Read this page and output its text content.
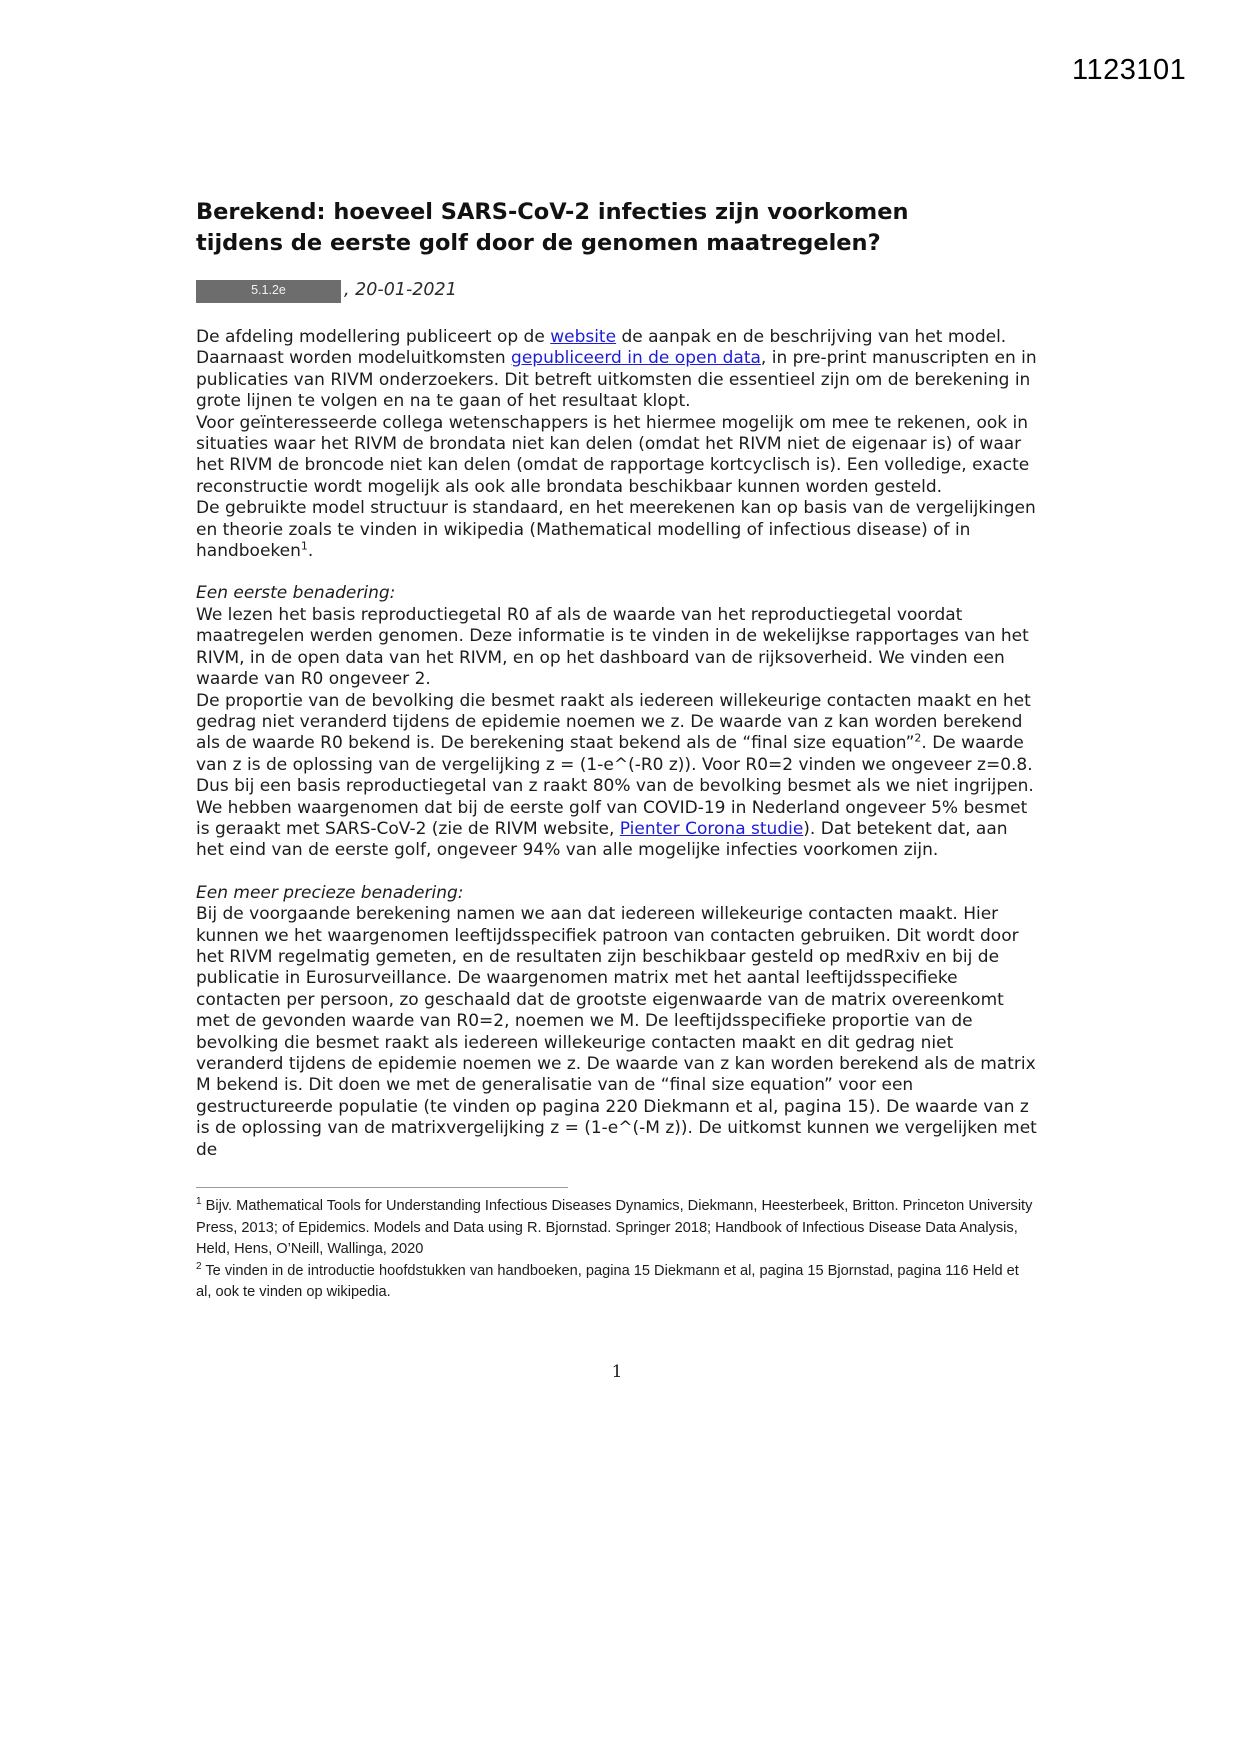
1123101
Berekend: hoeveel SARS-CoV-2 infecties zijn voorkomen tijdens de eerste golf door de genomen maatregelen?
5.1.2e	, 20-01-2021

De afdeling modellering publiceert op de website de aanpak en de beschrijving van het model. Daarnaast worden modeluitkomsten gepubliceerd in de open data, in pre-print manuscripten en in publicaties van RIVM onderzoekers. Dit betreft uitkomsten die essentieel zijn om de berekening in grote lijnen te volgen en na te gaan of het resultaat klopt.

Voor geïnteresseerde collega wetenschappers is het hiermee mogelijk om mee te rekenen, ook in situaties waar het RIVM de brondata niet kan delen (omdat het RIVM niet de eigenaar is) of waar het RIVM de broncode niet kan delen (omdat de rapportage kortcyclisch is). Een volledige, exacte reconstructie wordt mogelijk als ook alle brondata beschikbaar kunnen worden gesteld.

De gebruikte model structuur is standaard, en het meerekenen kan op basis van de vergelijkingen en theorie zoals te vinden in wikipedia (Mathematical modelling of infectious disease) of in handboeken$^1$.

Een eerste benadering:

We lezen het basis reproductiegetal R0 af als de waarde van het reproductiegetal voordat maatregelen werden genomen. Deze informatie is te vinden in de wekelijkse rapportages van het RIVM, in de open data van het RIVM, en op het dashboard van de rijksoverheid. We vinden een waarde van R0 ongeveer 2.

De proportie van de bevolking die besmet raakt als iedereen willekeurige contacten maakt en het gedrag niet veranderd tijdens de epidemie noemen we z. De waarde van z kan worden berekend als de waarde R0 bekend is. De berekening staat bekend als de “final size equation”$^2$. De waarde van z is de oplossing van de vergelijking z = (1-e^(-R0 z)). Voor R0=2 vinden we ongeveer z=0.8. Dus bij een basis reproductiegetal van z raakt 80% van de bevolking besmet als we niet ingrijpen. We hebben waargenomen dat bij de eerste golf van COVID-19 in Nederland ongeveer 5% besmet is geraakt met SARS-CoV-2 (zie de RIVM website, Pienter Corona studie). Dat betekent dat, aan het eind van de eerste golf, ongeveer 94% van alle mogelijke infecties voorkomen zijn.

Een meer precieze benadering:

Bij de voorgaande berekening namen we aan dat iedereen willekeurige contacten maakt. Hier kunnen we het waargenomen leeftijdsspecifiek patroon van contacten gebruiken. Dit wordt door het RIVM regelmatig gemeten, en de resultaten zijn beschikbaar gesteld op medRxiv en bij de publicatie in Eurosurveillance. De waargenomen matrix met het aantal leeftijdsspecifieke contacten per persoon, zo geschaald dat de grootste eigenwaarde van de matrix overeenkomt met de gevonden waarde van R0=2, noemen we M. De leeftijdsspecifieke proportie van de bevolking die besmet raakt als iedereen willekeurige contacten maakt en dit gedrag niet veranderd tijdens de epidemie noemen we z. De waarde van z kan worden berekend als de matrix M bekend is. Dit doen we met de generalisatie van de “final size equation” voor een gestructureerde populatie (te vinden op pagina 220 Diekmann et al, pagina 15). De waarde van z is de oplossing van de matrixvergelijking z = (1-e^(-M z)). De uitkomst kunnen we vergelijken met de

$^1$ Bijv. Mathematical Tools for Understanding Infectious Diseases Dynamics, Diekmann, Heesterbeek, Britton. Princeton University Press, 2013; of Epidemics. Models and Data using R. Bjornstad. Springer 2018; Handbook of Infectious Disease Data Analysis, Held, Hens, O’Neill, Wallinga, 2020

$^2$ Te vinden in de introductie hoofdstukken van handboeken, pagina 15 Diekmann et al, pagina 15 Bjornstad, pagina 116 Held et al, ook te vinden op wikipedia.

1
